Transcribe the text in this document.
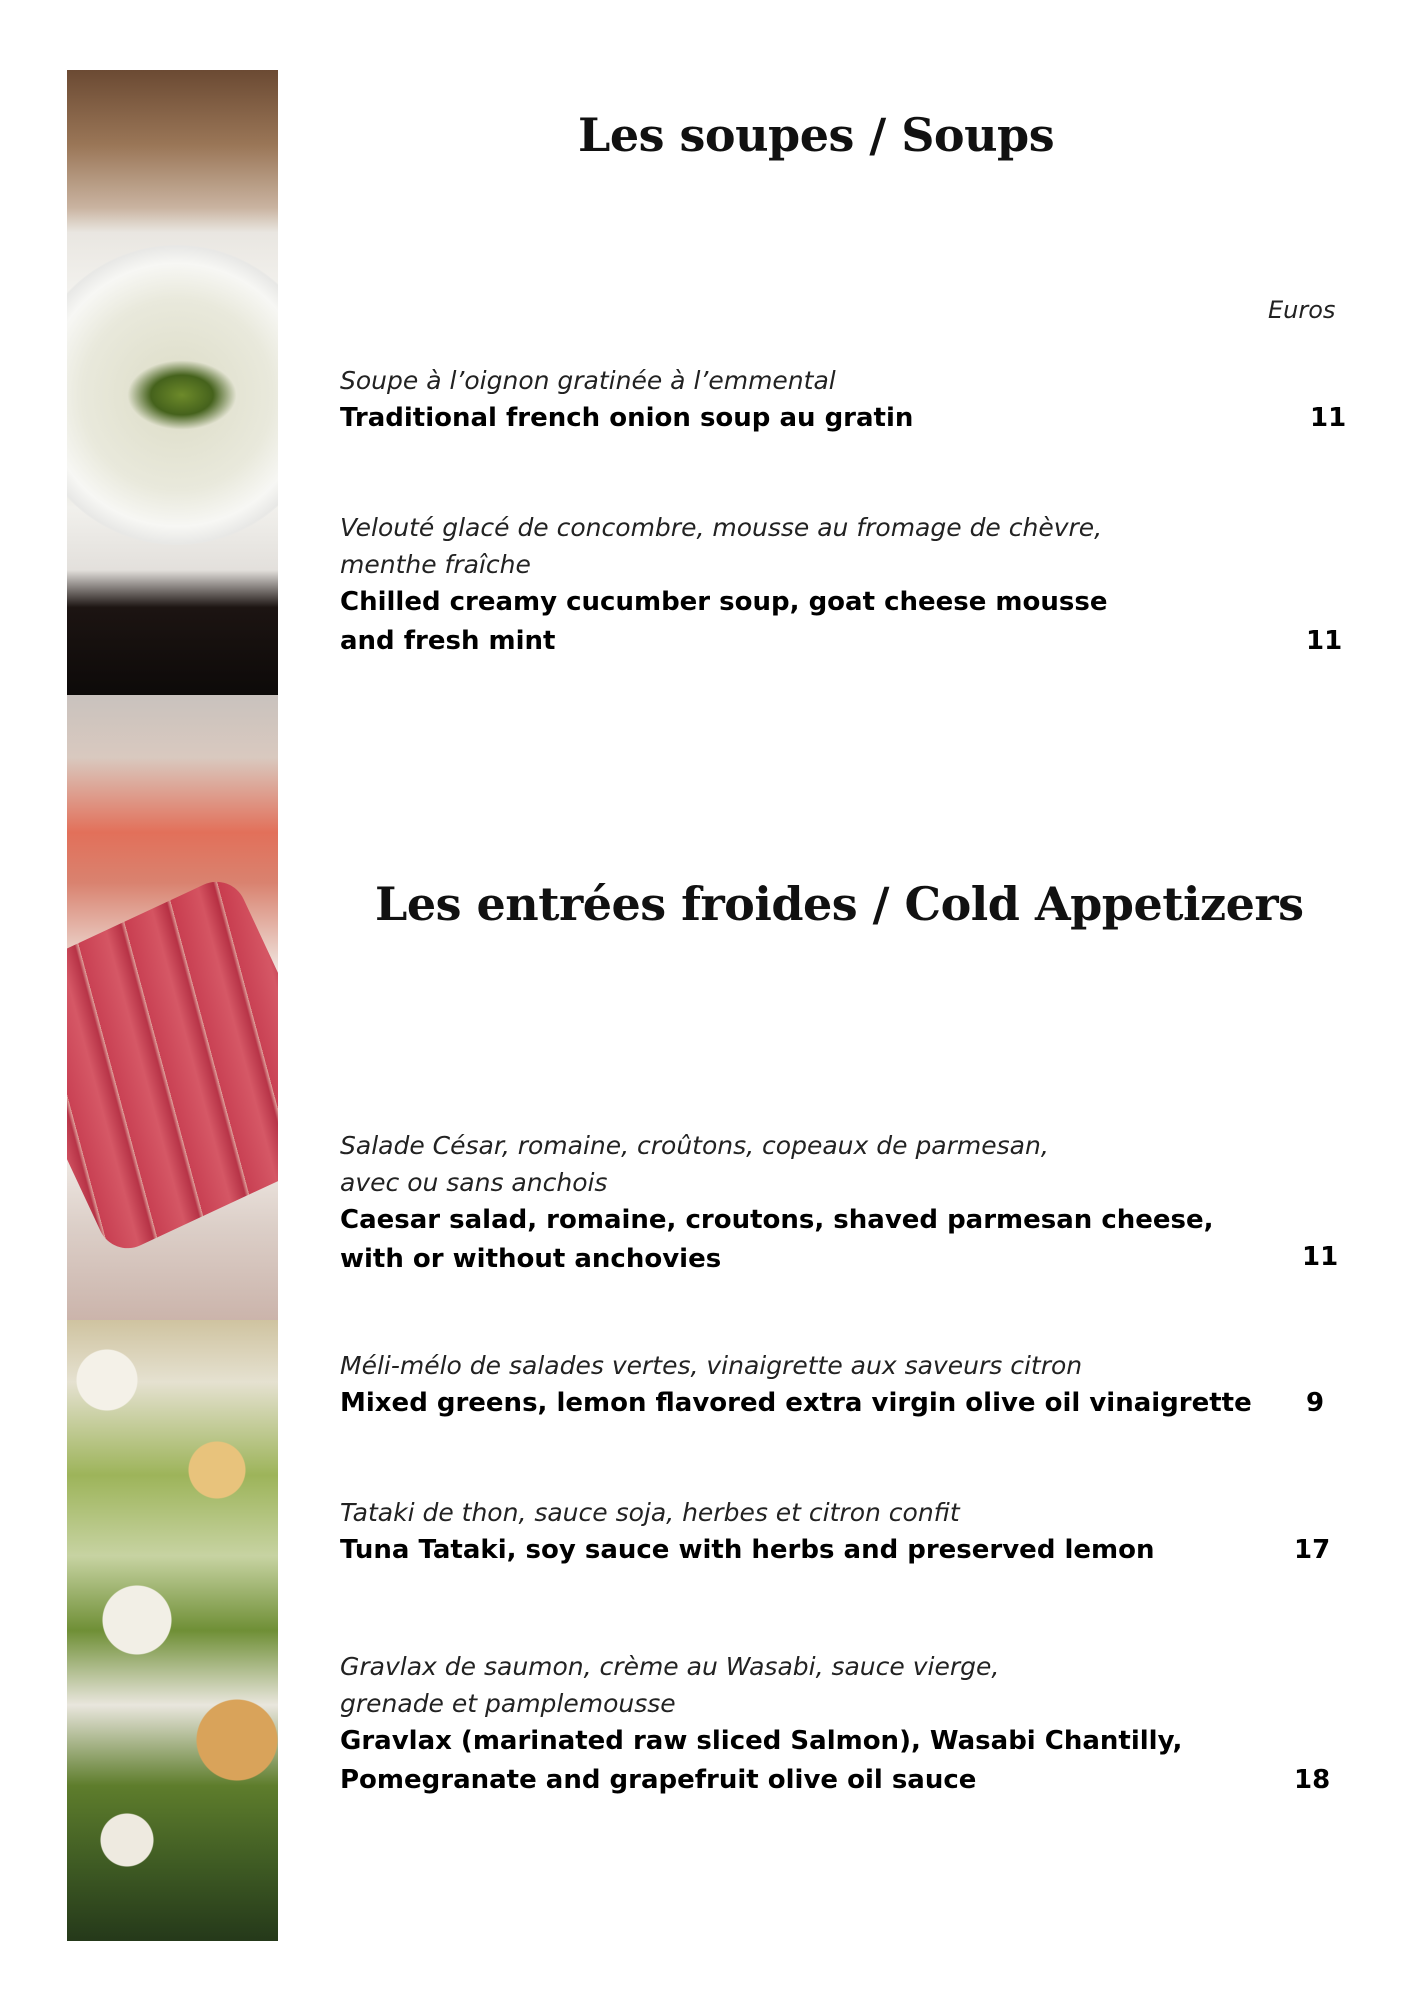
Les soupes / Soups
Euros

Soupe à l’oignon gratinée à l’emmental

Traditional french onion soup au gratin	11

Velouté glacé de concombre, mousse au fromage de chèvre,

menthe fraîche

Chilled creamy cucumber soup, goat cheese mousse

and fresh mint	11
Les entrées froides / Cold Appetizers

Salade César, romaine, croûtons, copeaux de parmesan,

avec ou sans anchois

Caesar salad, romaine, croutons, shaved parmesan cheese,

with or without anchovies	11

Méli-mélo de salades vertes, vinaigrette aux saveurs citron

Mixed greens, lemon flavored extra virgin olive oil vinaigrette	9

Tataki de thon, sauce soja, herbes et citron confit

Tuna Tataki, soy sauce with herbs and preserved lemon	17

Gravlax de saumon, crème au Wasabi, sauce vierge,

grenade et pamplemousse

Gravlax (marinated raw sliced Salmon), Wasabi Chantilly,

Pomegranate and grapefruit olive oil sauce	18
